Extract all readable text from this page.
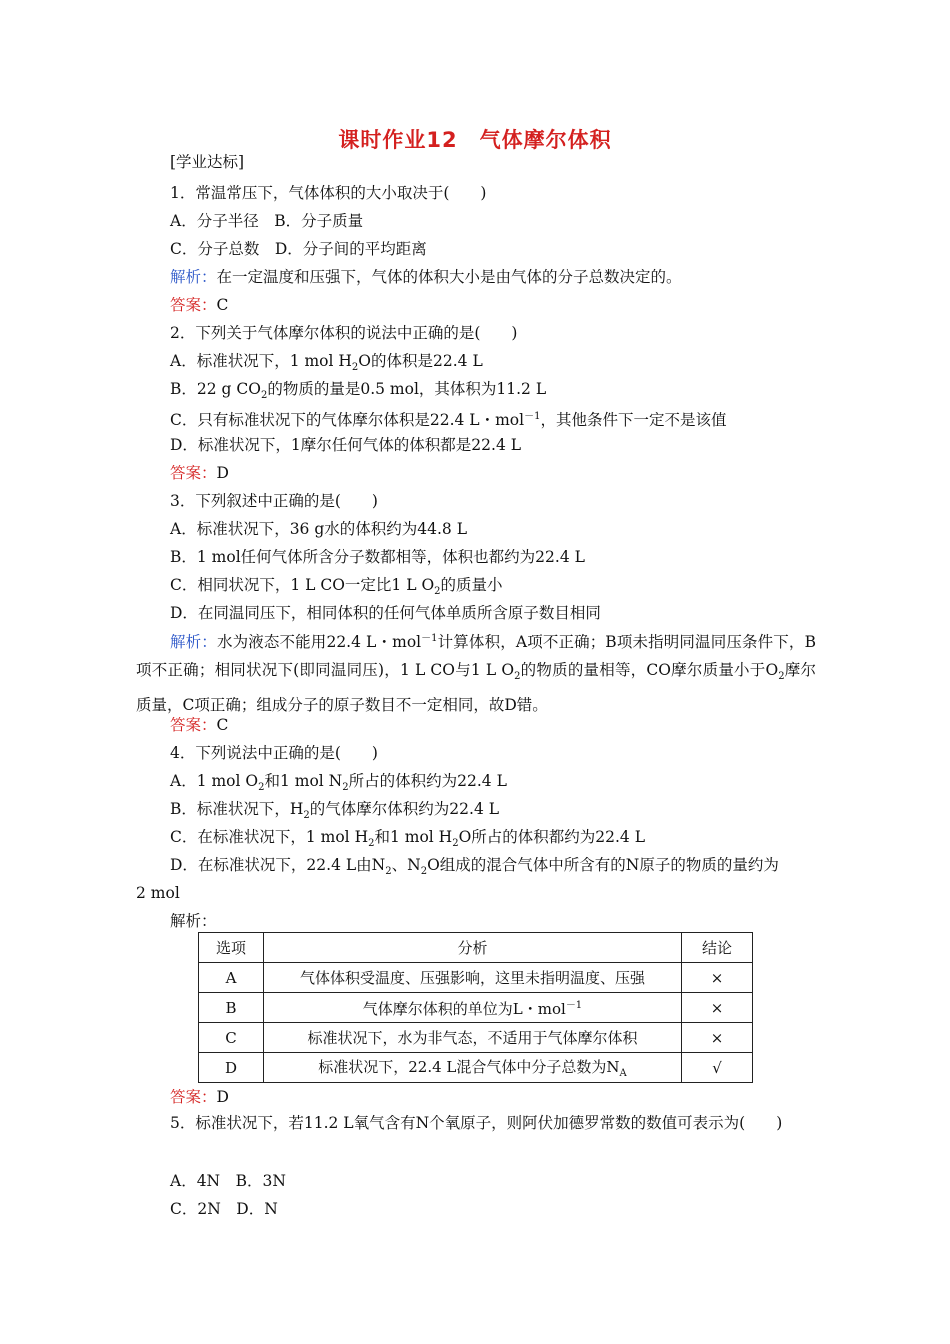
课时作业12　气体摩尔体积
[学业达标]
1．常温常压下，气体体积的大小取决于(　　)
A．分子半径　B．分子质量
C．分子总数　D．分子间的平均距离
解析：在一定温度和压强下，气体的体积大小是由气体的分子总数决定的。
答案：C
2．下列关于气体摩尔体积的说法中正确的是(　　)
A．标准状况下，1 mol $H_2O$的体积是22.4 L
B．22 g $CO_2$的物质的量是0.5 mol，其体积为11.2 L
C．只有标准状况下的气体摩尔体积是22.4 L・mol$^{-1}$，其他条件下一定不是该值
D．标准状况下，1摩尔任何气体的体积都是22.4 L
答案：D
3．下列叙述中正确的是(　　)
A．标准状况下，36 g水的体积约为44.8 L
B．1 mol任何气体所含分子数都相等，体积也都约为22.4 L
C．相同状况下，1 L CO一定比1 L $O_2$的质量小
D．在同温同压下，相同体积的任何气体单质所含原子数目相同
解析：水为液态不能用22.4 L・mol$^{-1}$计算体积，A项不正确；B项未指明同温同压条件下，B项不正确；相同状况下(即同温同压)，1 L CO与1 L $O_2$的物质的量相等，CO摩尔质量小于$O_2$摩尔质量，C项正确；组成分子的原子数目不一定相同，故D错。
答案：C
4．下列说法中正确的是(　　)
A．1 mol $O_2$和1 mol $N_2$所占的体积约为22.4 L
B．标准状况下，$H_2$的气体摩尔体积约为22.4 L
C．在标准状况下，1 mol $H_2$和1 mol $H_2O$所占的体积都约为22.4 L
D．在标准状况下，22.4 L由$N_2$、$N_2O$组成的混合气体中所含有的N原子的物质的量约为
2 mol
解析：
选项	分析	结论
A	气体体积受温度、压强影响，这里未指明温度、压强	×
B	气体摩尔体积的单位为L・mol$^{-1}$	×
C	标准状况下，水为非气态，不适用于气体摩尔体积	×
D	标准状况下，22.4 L混合气体中分子总数为$N_A$	√
答案：D
5．标准状况下，若11.2 L氧气含有N个氧原子，则阿伏加德罗常数的数值可表示为(　　)
A．4N　B．3N
C．2N　D．N
